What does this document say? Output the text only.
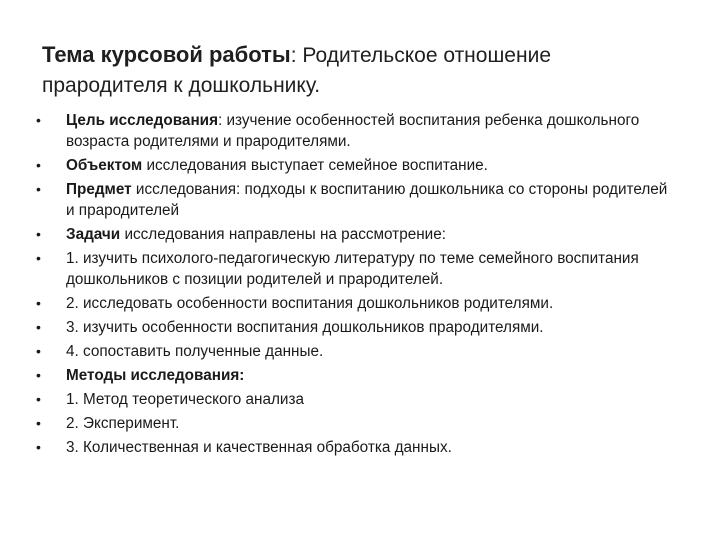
Тема курсовой работы: Родительское отношение прародителя к дошкольнику.
• Цель исследования: изучение особенностей воспитания ребенка дошкольного возраста родителями и прародителями.
• Объектом исследования выступает семейное воспитание.
• Предмет исследования: подходы к воспитанию дошкольника со стороны родителей и прародителей
• Задачи исследования направлены на рассмотрение:
• 1. изучить психолого-педагогическую литературу по теме семейного воспитания дошкольников с позиции родителей и прародителей.
• 2. исследовать особенности воспитания дошкольников родителями.
• 3. изучить особенности воспитания дошкольников прародителями.
• 4. сопоставить полученные данные.
• Методы исследования:
• 1. Метод теоретического анализа
• 2. Эксперимент.
• 3. Количественная и качественная обработка данных.
